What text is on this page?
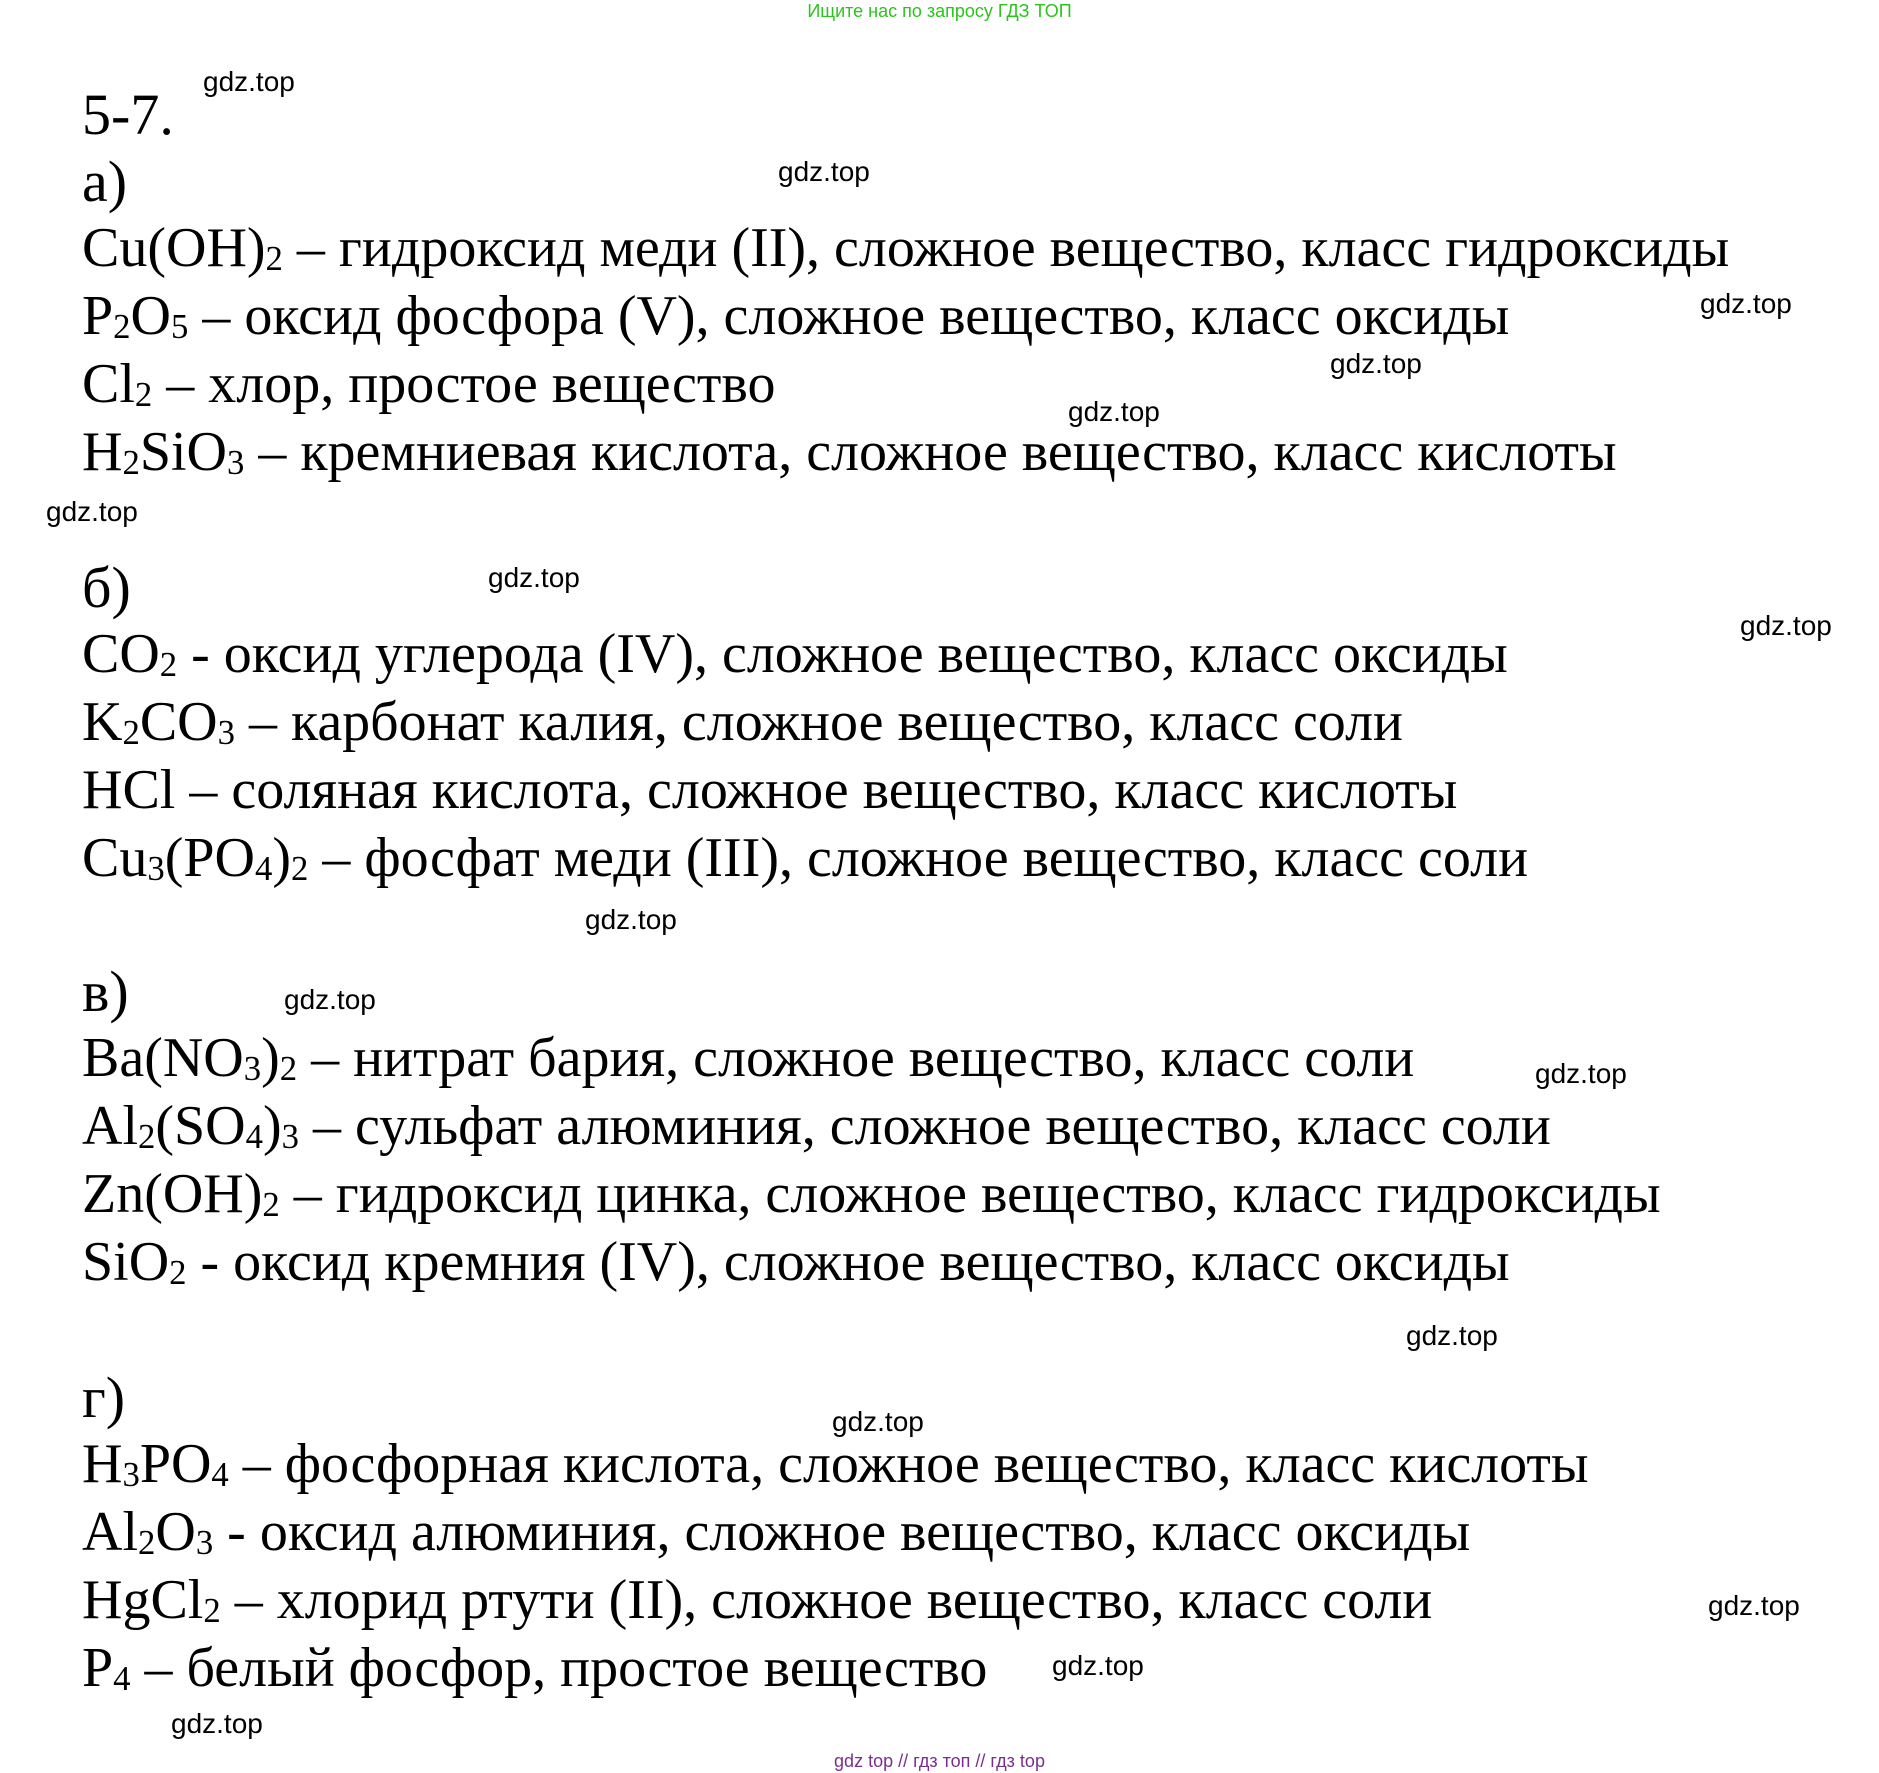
Ищите нас по запросу ГДЗ ТОП
5-7.
а)
$Cu(OH)_2$ – гидроксид меди (II), сложное вещество, класс гидроксиды
$P_2O_5$ – оксид фосфора (V), сложное вещество, класс оксиды
$Cl_2$ – хлор, простое вещество
$H_2SiO_3$ – кремниевая кислота, сложное вещество, класс кислоты
б)
$CO_2$ - оксид углерода (IV), сложное вещество, класс оксиды
$K_2CO_3$ – карбонат калия, сложное вещество, класс соли
HCl – соляная кислота, сложное вещество, класс кислоты
$Cu_3(PO_4)_2$ – фосфат меди (III), сложное вещество, класс соли
в)
$Ba(NO_3)_2$ – нитрат бария, сложное вещество, класс соли
$Al_2(SO_4)_3$ – сульфат алюминия, сложное вещество, класс соли
$Zn(OH)_2$ – гидроксид цинка, сложное вещество, класс гидроксиды
SiO$_2$ - оксид кремния (IV), сложное вещество, класс оксиды
г)
$H_3PO_4$ – фосфорная кислота, сложное вещество, класс кислоты
$Al_2O_3$ - оксид алюминия, сложное вещество, класс оксиды
HgCl$_2$ – хлорид ртути (II), сложное вещество, класс соли
$P_4$ – белый фосфор, простое вещество
gdz.top
gdz.top
gdz.top
gdz.top
gdz.top
gdz.top
gdz.top
gdz.top
gdz.top
gdz.top
gdz.top
gdz.top
gdz.top
gdz.top
gdz.top
gdz.top
gdz top // гдз топ // гдз top
